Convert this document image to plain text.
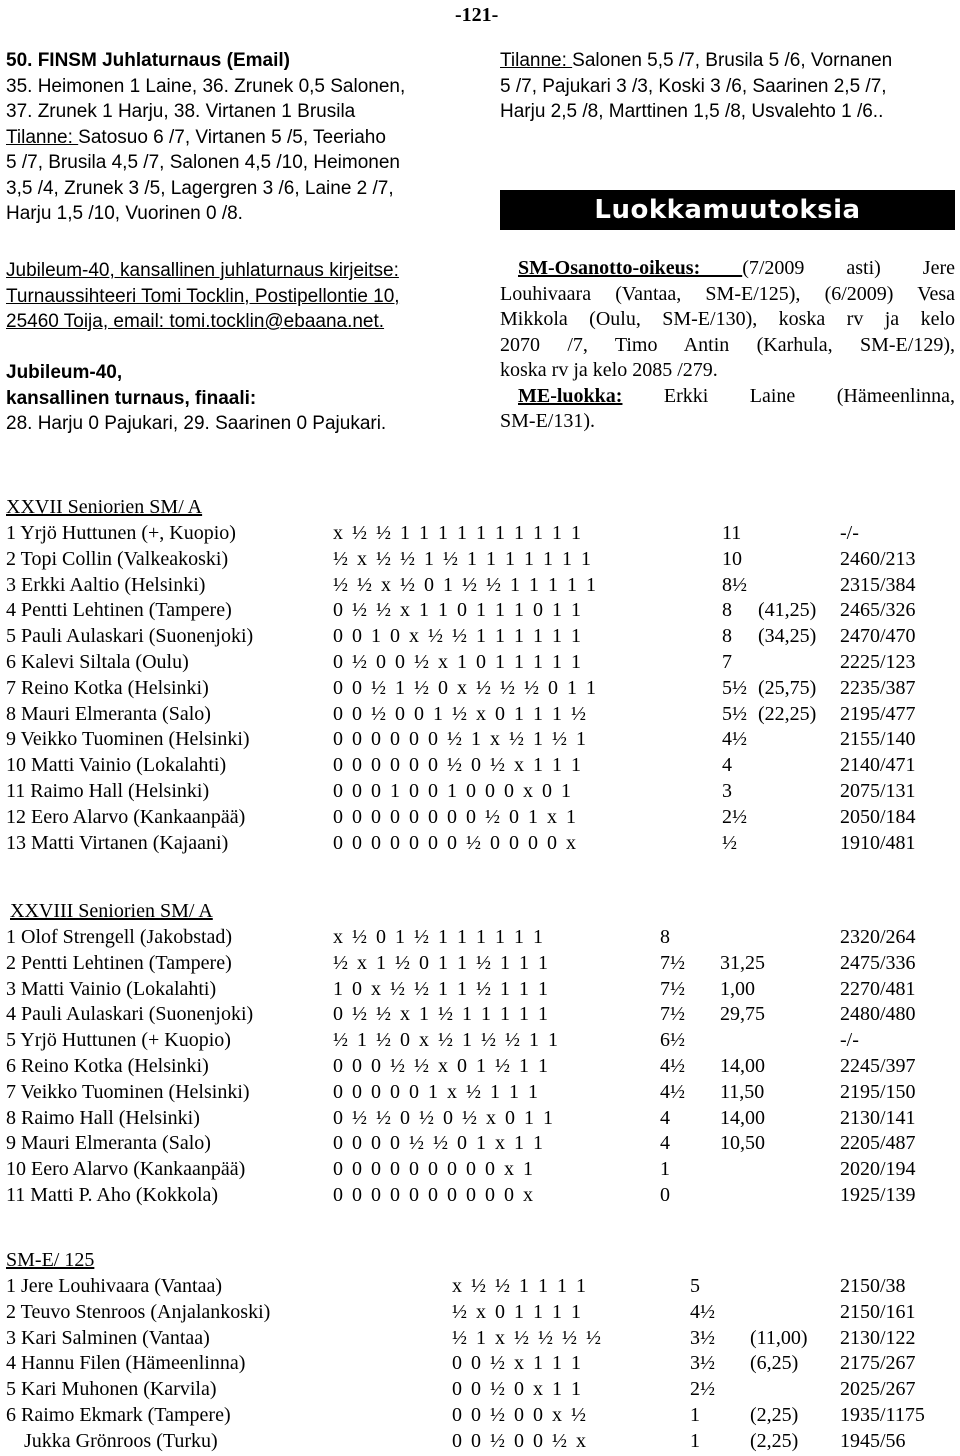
-121-
50. FINSM Juhlaturnaus (Email)
35. Heimonen 1 Laine, 36. Zrunek 0,5 Salonen,
37. Zrunek 1 Harju, 38. Virtanen 1 Brusila
Tilanne: Satosuo 6 /7, Virtanen 5 /5, Teeriaho
5 /7, Brusila 4,5 /7, Salonen 4,5 /10, Heimonen
3,5 /4, Zrunek 3 /5, Lagergren 3 /6, Laine 2 /7,
Harju 1,5 /10, Vuorinen 0 /8.
Jubileum-40, kansallinen juhlaturnaus kirjeitse:
Turnaussihteeri Tomi Tocklin, Postipellontie 10,
25460 Toija, email: tomi.tocklin@ebaana.net.
Jubileum-40,
kansallinen turnaus, finaali:
28. Harju 0 Pajukari, 29. Saarinen 0 Pajukari.
Tilanne: Salonen 5,5 /7, Brusila 5 /6, Vornanen
5 /7, Pajukari 3 /3, Koski 3 /6, Saarinen 2,5 /7,
Harju 2,5 /8, Marttinen 1,5 /8, Usvalehto 1 /6..
Luokkamuutoksia
SM-Osanotto-oikeus: (7/2009 asti) Jere
Louhivaara (Vantaa, SM-E/125), (6/2009) Vesa
Mikkola (Oulu, SM-E/130), koska rv ja kelo
2070 /7, Timo Antin (Karhula, SM-E/129),
koska rv ja kelo 2085 /279.
ME-luokka: Erkki Laine (Hämeenlinna,
SM-E/131).
XXVII Seniorien SM/ A
1 Yrjö Huttunen (+, Kuopio)	x ½ ½ 1 1 1 1 1 1 1 1 1 1	11	-/-
2 Topi Collin (Valkeakoski)	½ x ½ ½ 1 ½ 1 1 1 1 1 1 1	10	2460/213
3 Erkki Aaltio (Helsinki)	½ ½ x ½ 0 1 ½ ½ 1 1 1 1 1	8½	2315/384
4 Pentti Lehtinen (Tampere)	0 ½ ½ x 1 1 0 1 1 1 0 1 1	8 (41,25) 2465/326
5 Pauli Aulaskari (Suonenjoki)	0 0 1 0 x ½ ½ 1 1 1 1 1 1	8 (34,25) 2470/470
6 Kalevi Siltala (Oulu)	0 ½ 0 0 ½ x 1 0 1 1 1 1 1	7	2225/123
7 Reino Kotka (Helsinki)	0 0 ½ 1 ½ 0 x ½ ½ ½ 0 1 1	5½ (25,75) 2235/387
8 Mauri Elmeranta (Salo)	0 0 ½ 0 0 1 ½ x 0 1 1 1 ½	5½ (22,25) 2195/477
9 Veikko Tuominen (Helsinki)	0 0 0 0 0 0 ½ 1 x ½ 1 ½ 1	4½	2155/140
10 Matti Vainio (Lokalahti)	0 0 0 0 0 0 ½ 0 ½ x 1 1 1	4	2140/471
11 Raimo Hall (Helsinki)	0 0 0 1 0 0 1 0 0 0 x 0 1	3	2075/131
12 Eero Alarvo (Kankaanpää)	0 0 0 0 0 0 0 0 ½ 0 1 x 1	2½	2050/184
13 Matti Virtanen (Kajaani)	0 0 0 0 0 0 0 ½ 0 0 0 0 x	½	1910/481
XXVIII Seniorien SM/ A
1 Olof Strengell (Jakobstad)	x ½ 0 1 ½ 1 1 1 1 1 1	8	2320/264
2 Pentti Lehtinen (Tampere)	½ x 1 ½ 0 1 1 ½ 1 1 1	7½ 31,25	2475/336
3 Matti Vainio (Lokalahti)	1 0 x ½ ½ 1 1 ½ 1 1 1	7½ 1,00	2270/481
4 Pauli Aulaskari (Suonenjoki)	0 ½ ½ x 1 ½ 1 1 1 1 1	7½ 29,75	2480/480
5 Yrjö Huttunen (+ Kuopio)	½ 1 ½ 0 x ½ 1 ½ ½ 1 1	6½	-/-
6 Reino Kotka (Helsinki)	0 0 0 ½ ½ x 0 1 ½ 1 1	4½ 14,00	2245/397
7 Veikko Tuominen (Helsinki)	0 0 0 0 0 1 x ½ 1 1 1	4½ 11,50	2195/150
8 Raimo Hall (Helsinki)	0 ½ ½ 0 ½ 0 ½ x 0 1 1	4	14,00	2130/141
9 Mauri Elmeranta (Salo)	0 0 0 0 ½ ½ 0 1 x 1 1	4	10,50	2205/487
10 Eero Alarvo (Kankaanpää)	0 0 0 0 0 0 0 0 0 x 1	1	2020/194
11 Matti P. Aho (Kokkola)	0 0 0 0 0 0 0 0 0 0 x	0	1925/139
SM-E/ 125
1 Jere Louhivaara (Vantaa)	x ½ ½ 1 1 1 1	5	2150/38
2 Teuvo Stenroos (Anjalankoski)	½ x 0 1 1 1 1	4½	2150/161
3 Kari Salminen (Vantaa)	½ 1 x ½ ½ ½ ½	3½ (11,00) 2130/122
4 Hannu Filen (Hämeenlinna)	0 0 ½ x 1 1 1	3½ (6,25) 2175/267
5 Kari Muhonen (Karvila)	0 0 ½ 0 x 1 1	2½	2025/267
6 Raimo Ekmark (Tampere)	0 0 ½ 0 0 x ½	1	(2,25) 1935/1175
Jukka Grönroos (Turku)	0 0 ½ 0 0 ½ x	1	(2,25) 1945/56
